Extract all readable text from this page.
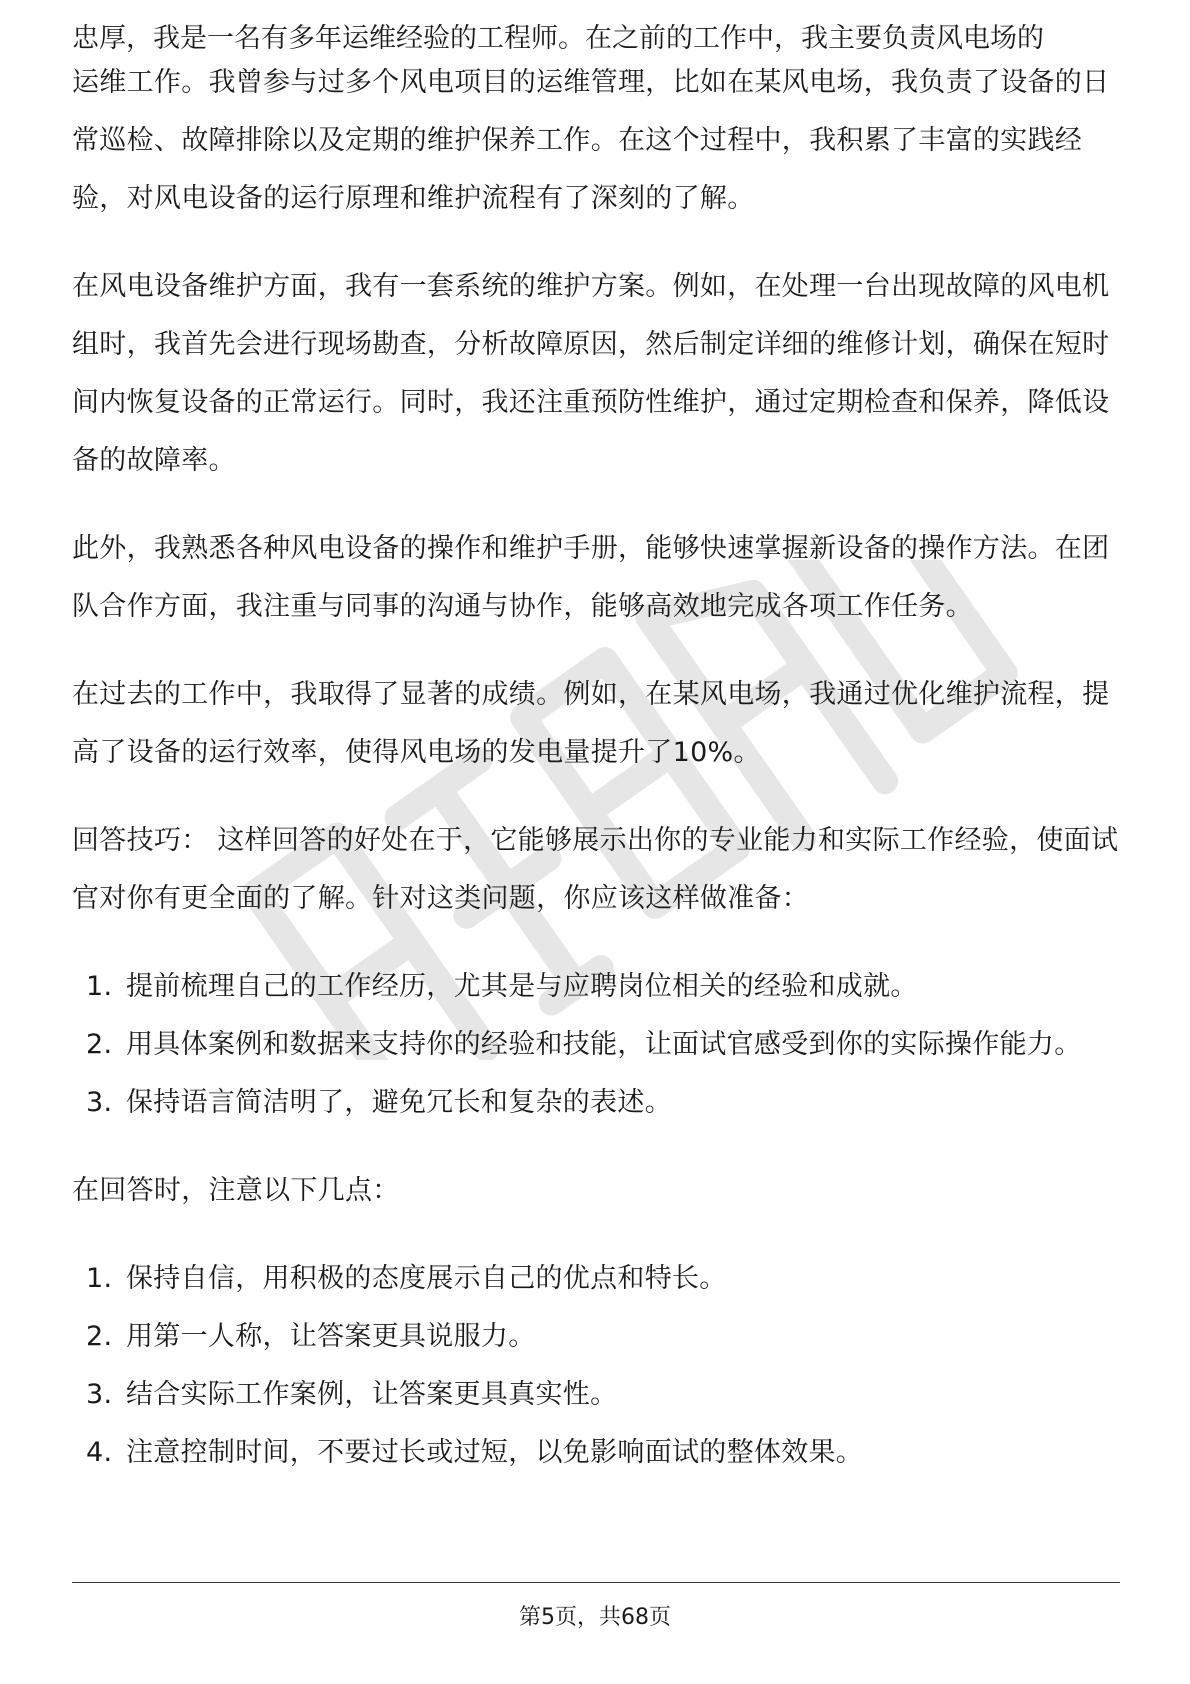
忠厚，我是一名有多年运维经验的工程师。在之前的工作中，我主要负责风电场的

运维工作。我曾参与过多个风电项目的运维管理，比如在某风电场，我负责了设备的日常巡检、故障排除以及定期的维护保养工作。在这个过程中，我积累了丰富的实践经验，对风电设备的运行原理和维护流程有了深刻的了解。

在风电设备维护方面，我有一套系统的维护方案。例如，在处理一台出现故障的风电机组时，我首先会进行现场勘查，分析故障原因，然后制定详细的维修计划，确保在短时间内恢复设备的正常运行。同时，我还注重预防性维护，通过定期检查和保养，降低设备的故障率。

此外，我熟悉各种风电设备的操作和维护手册，能够快速掌握新设备的操作方法。在团队合作方面，我注重与同事的沟通与协作，能够高效地完成各项工作任务。

在过去的工作中，我取得了显著的成绩。例如，在某风电场，我通过优化维护流程，提高了设备的运行效率，使得风电场的发电量提升了10%。

回答技巧： 这样回答的好处在于，它能够展示出你的专业能力和实际工作经验，使面试官对你有更全面的了解。针对这类问题，你应该这样做准备：

1. 提前梳理自己的工作经历，尤其是与应聘岗位相关的经验和成就。
2. 用具体案例和数据来支持你的经验和技能，让面试官感受到你的实际操作能力。
3. 保持语言简洁明了，避免冗长和复杂的表述。

在回答时，注意以下几点：

1. 保持自信，用积极的态度展示自己的优点和特长。
2. 用第一人称，让答案更具说服力。
3. 结合实际工作案例，让答案更具真实性。
4. 注意控制时间，不要过长或过短，以免影响面试的整体效果。
第5页，共68页
